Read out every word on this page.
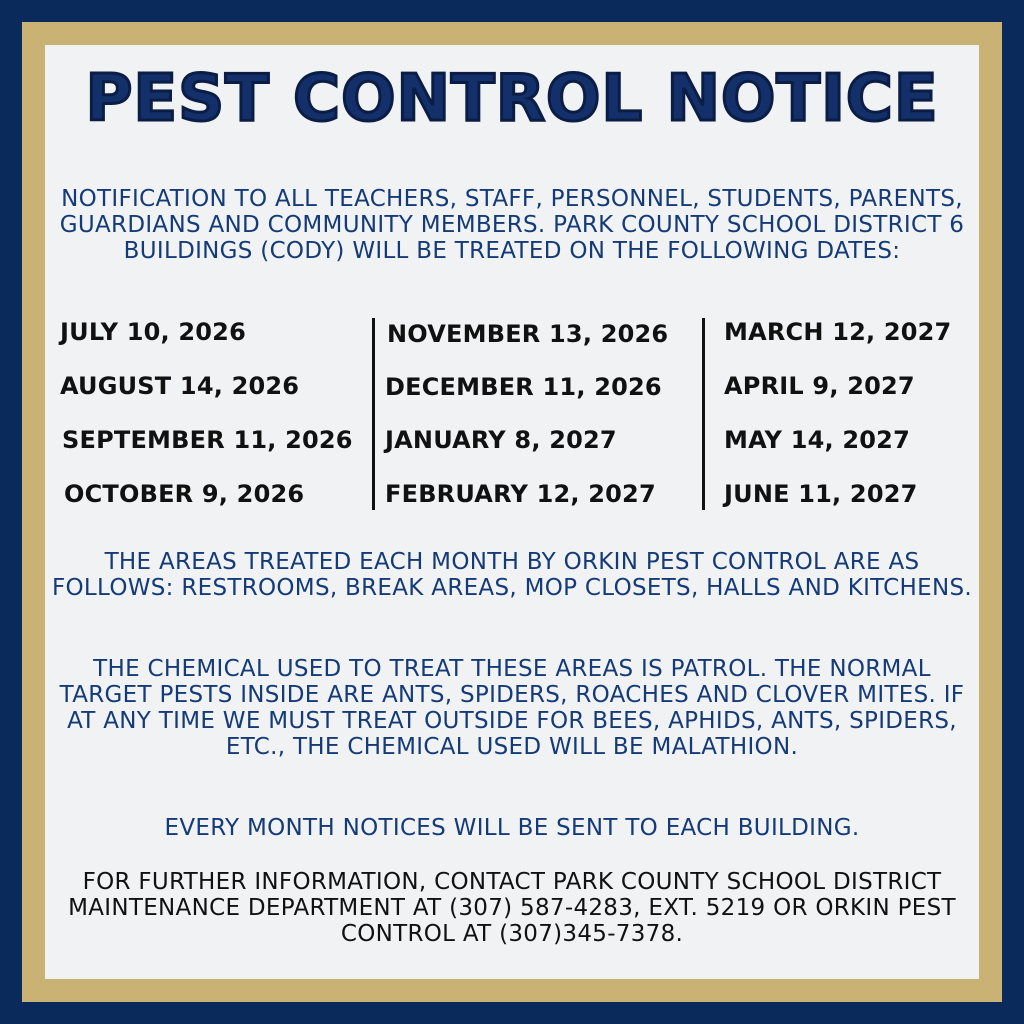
PEST CONTROL NOTICE
NOTIFICATION TO ALL TEACHERS, STAFF, PERSONNEL, STUDENTS, PARENTS, GUARDIANS AND COMMUNITY MEMBERS. PARK COUNTY SCHOOL DISTRICT 6 BUILDINGS (CODY) WILL BE TREATED ON THE FOLLOWING DATES:
JULY 10, 2026
AUGUST 14, 2026
SEPTEMBER 11, 2026
OCTOBER 9, 2026
NOVEMBER 13, 2026
DECEMBER 11, 2026
JANUARY 8, 2027
FEBRUARY 12, 2027
MARCH 12, 2027
APRIL 9, 2027
MAY 14, 2027
JUNE 11, 2027
THE AREAS TREATED EACH MONTH BY ORKIN PEST CONTROL ARE AS FOLLOWS: RESTROOMS, BREAK AREAS, MOP CLOSETS, HALLS AND KITCHENS.
THE CHEMICAL USED TO TREAT THESE AREAS IS PATROL. THE NORMAL TARGET PESTS INSIDE ARE ANTS, SPIDERS, ROACHES AND CLOVER MITES. IF AT ANY TIME WE MUST TREAT OUTSIDE FOR BEES, APHIDS, ANTS, SPIDERS, ETC., THE CHEMICAL USED WILL BE MALATHION.
EVERY MONTH NOTICES WILL BE SENT TO EACH BUILDING.
FOR FURTHER INFORMATION, CONTACT PARK COUNTY SCHOOL DISTRICT MAINTENANCE DEPARTMENT AT (307) 587-4283, EXT. 5219 OR ORKIN PEST CONTROL AT (307)345-7378.
